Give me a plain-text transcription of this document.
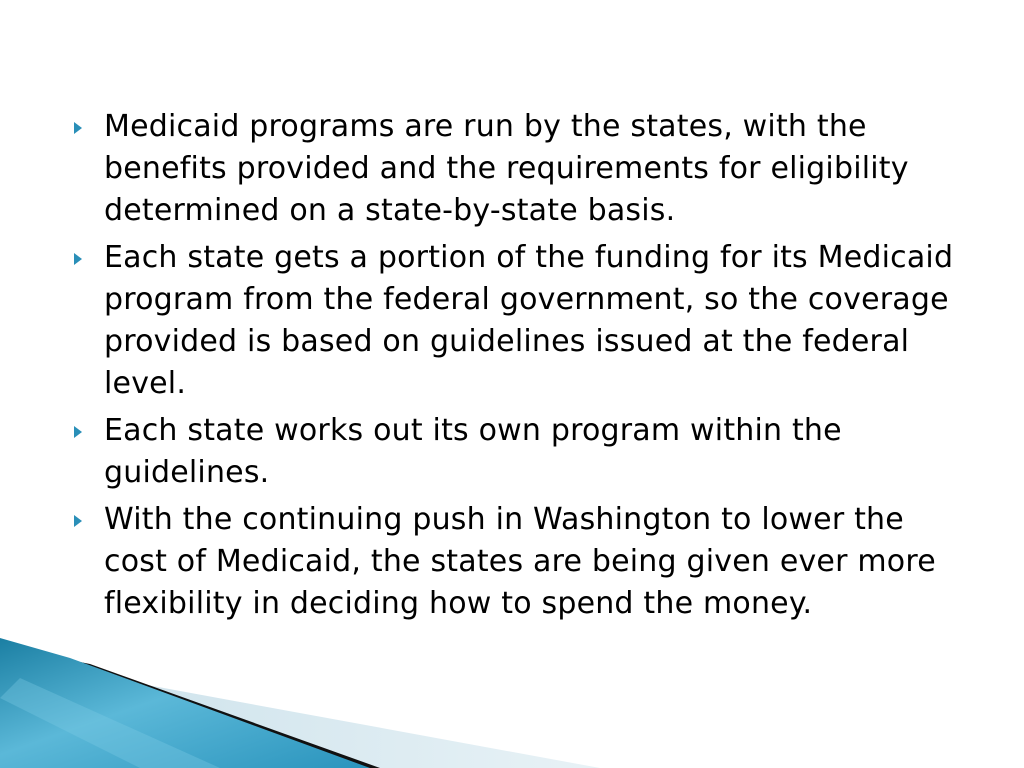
Medicaid programs are run by the states, with the benefits provided and the requirements for eligibility determined on a state-by-state basis.
Each state gets a portion of the funding for its Medicaid program from the federal government, so the coverage provided is based on guidelines issued at the federal level.
Each state works out its own program within the guidelines.
With the continuing push in Washington to lower the cost of Medicaid, the states are being given ever more flexibility in deciding how to spend the money.
